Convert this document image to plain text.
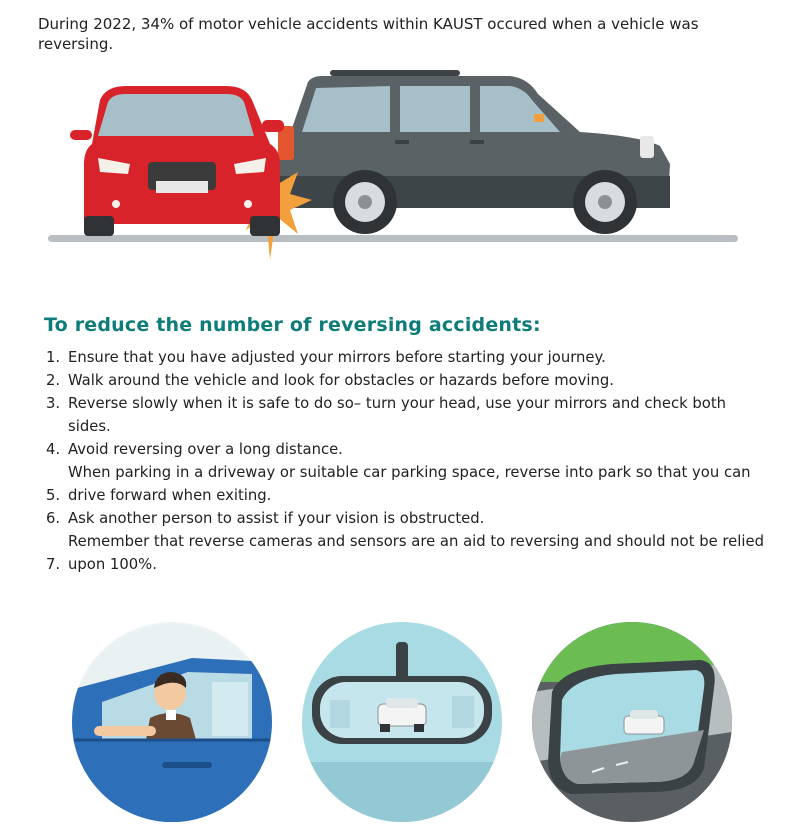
During 2022, 34% of motor vehicle accidents within KAUST occured when a vehicle was reversing.
To reduce the number of reversing accidents:
1. Ensure that you have adjusted your mirrors before starting your journey.
2. Walk around the vehicle and look for obstacles or hazards before moving.
3. Reverse slowly when it is safe to do so– turn your head, use your mirrors and check both
sides.
4. Avoid reversing over a long distance.
When parking in a driveway or suitable car parking space, reverse into park so that you can
5. drive forward when exiting.
6. Ask another person to assist if your vision is obstructed.
Remember that reverse cameras and sensors are an aid to reversing and should not be relied
7. upon 100%.
